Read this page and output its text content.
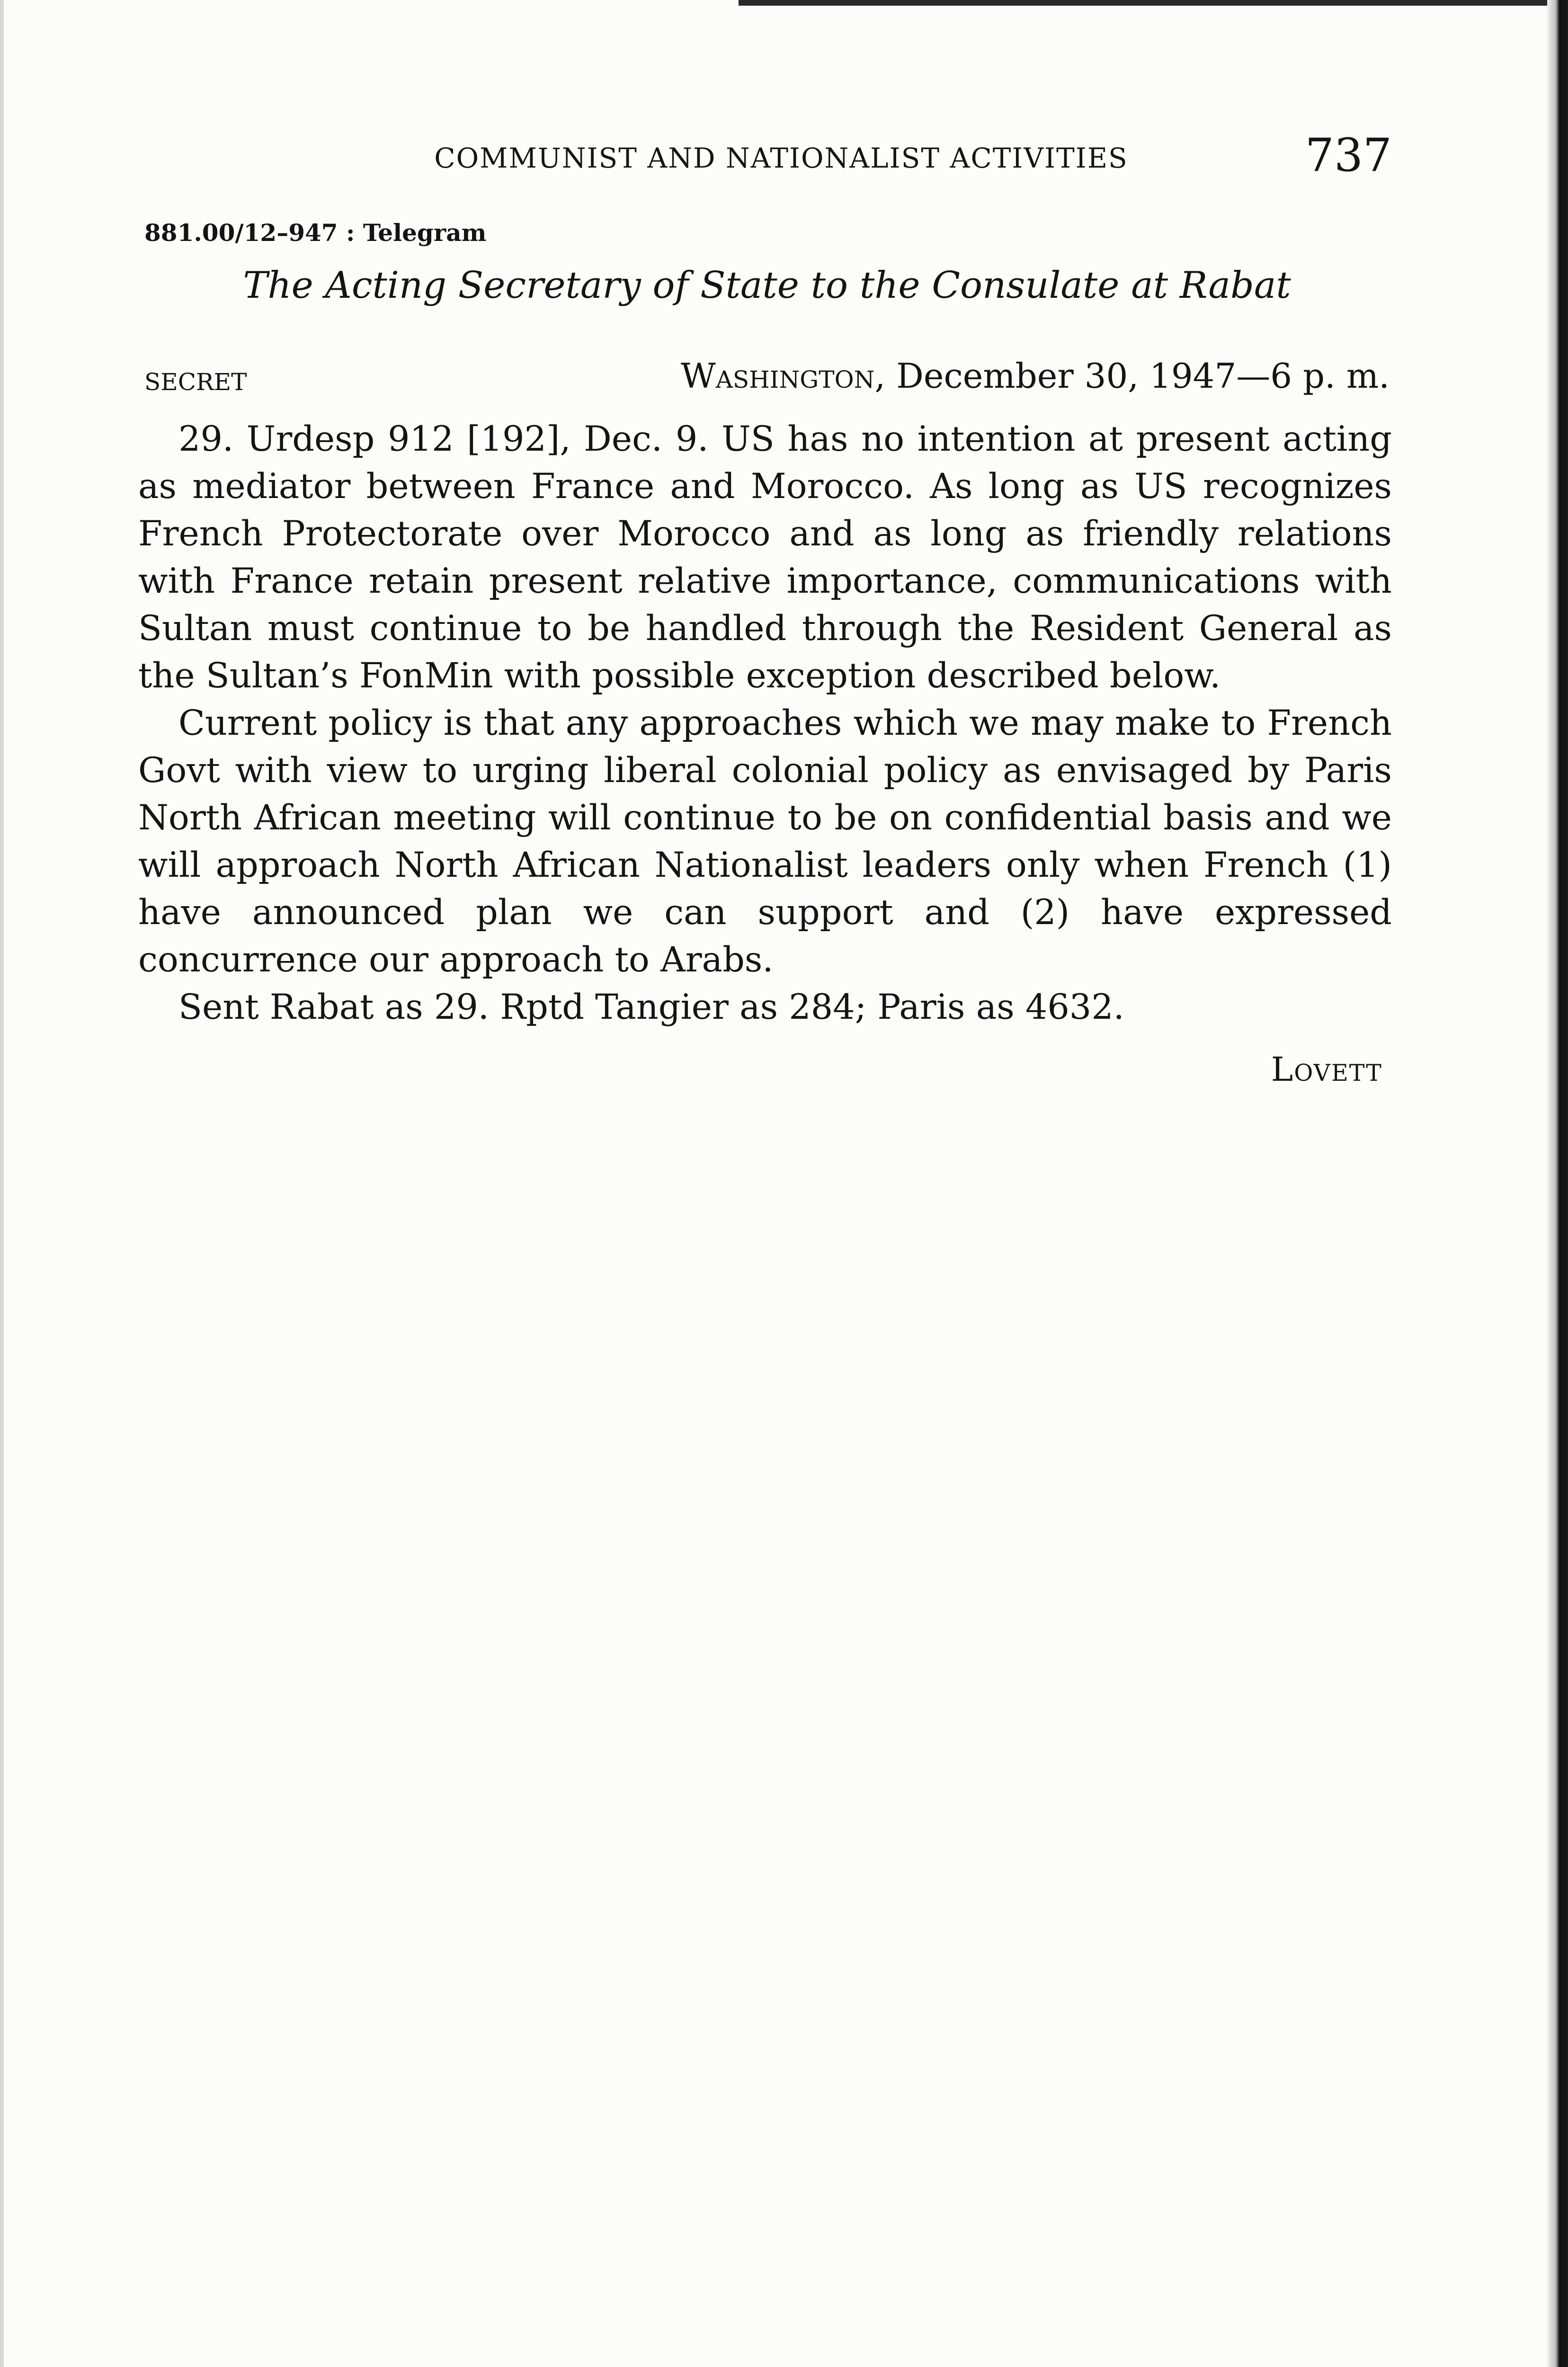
COMMUNIST AND NATIONALIST ACTIVITIES	737
881.00/12–947 : Telegram
The Acting Secretary of State to the Consulate at Rabat
SECRET	Washington, December 30, 1947—6 p. m.

29. Urdesp 912 [192], Dec. 9. US has no intention at present acting as mediator between France and Morocco. As long as US recognizes French Protectorate over Morocco and as long as friendly relations with France retain present relative importance, communications with Sultan must continue to be handled through the Resident General as the Sultan’s FonMin with possible exception described below.

Current policy is that any approaches which we may make to French Govt with view to urging liberal colonial policy as envisaged by Paris North African meeting will continue to be on confidential basis and we will approach North African Nationalist leaders only when French (1) have announced plan we can support and (2) have expressed concurrence our approach to Arabs.

Sent Rabat as 29. Rptd Tangier as 284; Paris as 4632.

Lovett
